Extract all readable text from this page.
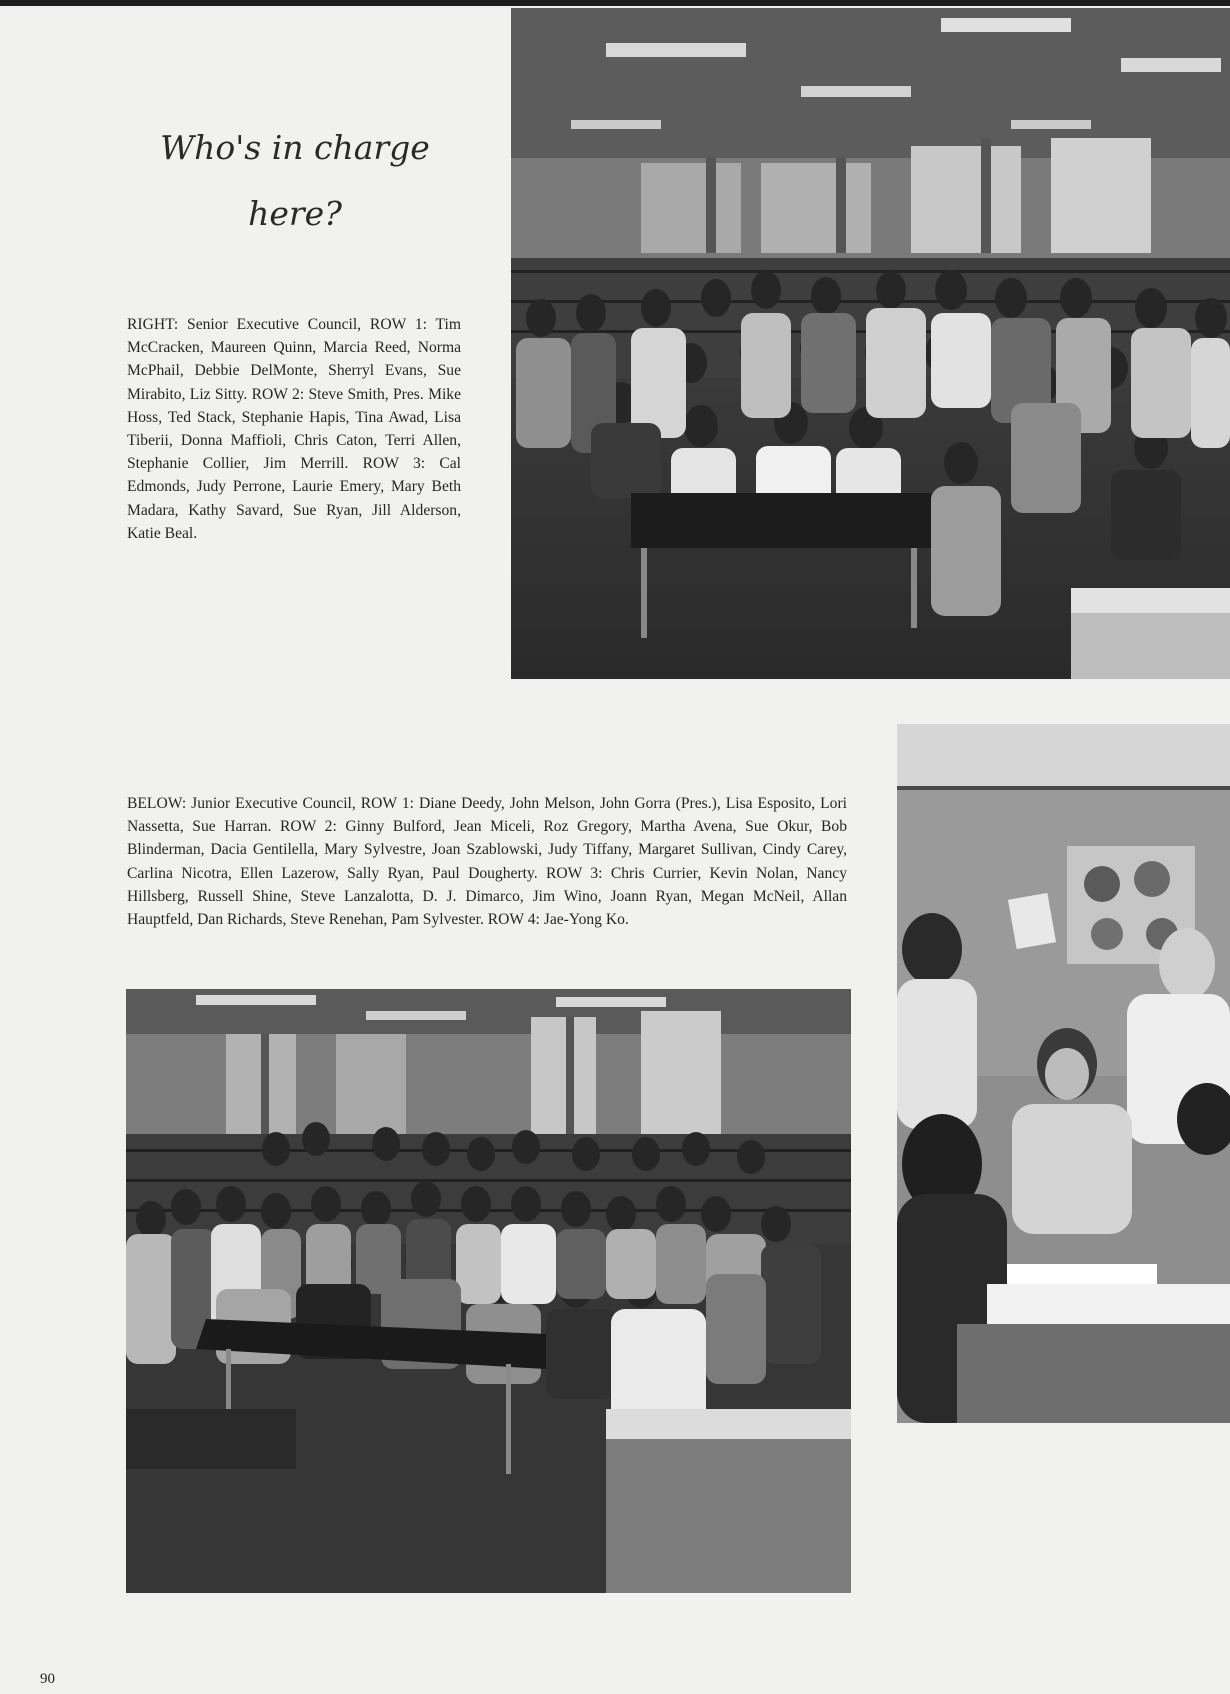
Who's in charge
here?

RIGHT: Senior Executive Council, ROW 1: Tim McCracken, Maureen Quinn, Marcia Reed, Norma McPhail, Debbie DelMonte, Sherryl Evans, Sue Mirabito, Liz Sitty. ROW 2: Steve Smith, Pres. Mike Hoss, Ted Stack, Stephanie Hapis, Tina Awad, Lisa Tiberii, Donna Maffioli, Chris Caton, Terri Allen, Stephanie Collier, Jim Merrill. ROW 3: Cal Edmonds, Judy Perrone, Laurie Emery, Mary Beth Madara, Kathy Savard, Sue Ryan, Jill Alderson, Katie Beal.

BELOW: Junior Executive Council, ROW 1: Diane Deedy, John Melson, John Gorra (Pres.), Lisa Esposito, Lori Nassetta, Sue Harran. ROW 2: Ginny Bulford, Jean Miceli, Roz Gregory, Martha Avena, Sue Okur, Bob Blinderman, Dacia Gentilella, Mary Sylvestre, Joan Szablowski, Judy Tiffany, Margaret Sullivan, Cindy Carey, Carlina Nicotra, Ellen Lazerow, Sally Ryan, Paul Dougherty. ROW 3: Chris Currier, Kevin Nolan, Nancy Hillsberg, Russell Shine, Steve Lanzalotta, D. J. Dimarco, Jim Wino, Joann Ryan, Megan McNeil, Allan Hauptfeld, Dan Richards, Steve Renehan, Pam Sylvester. ROW 4: Jae-Yong Ko.

90
